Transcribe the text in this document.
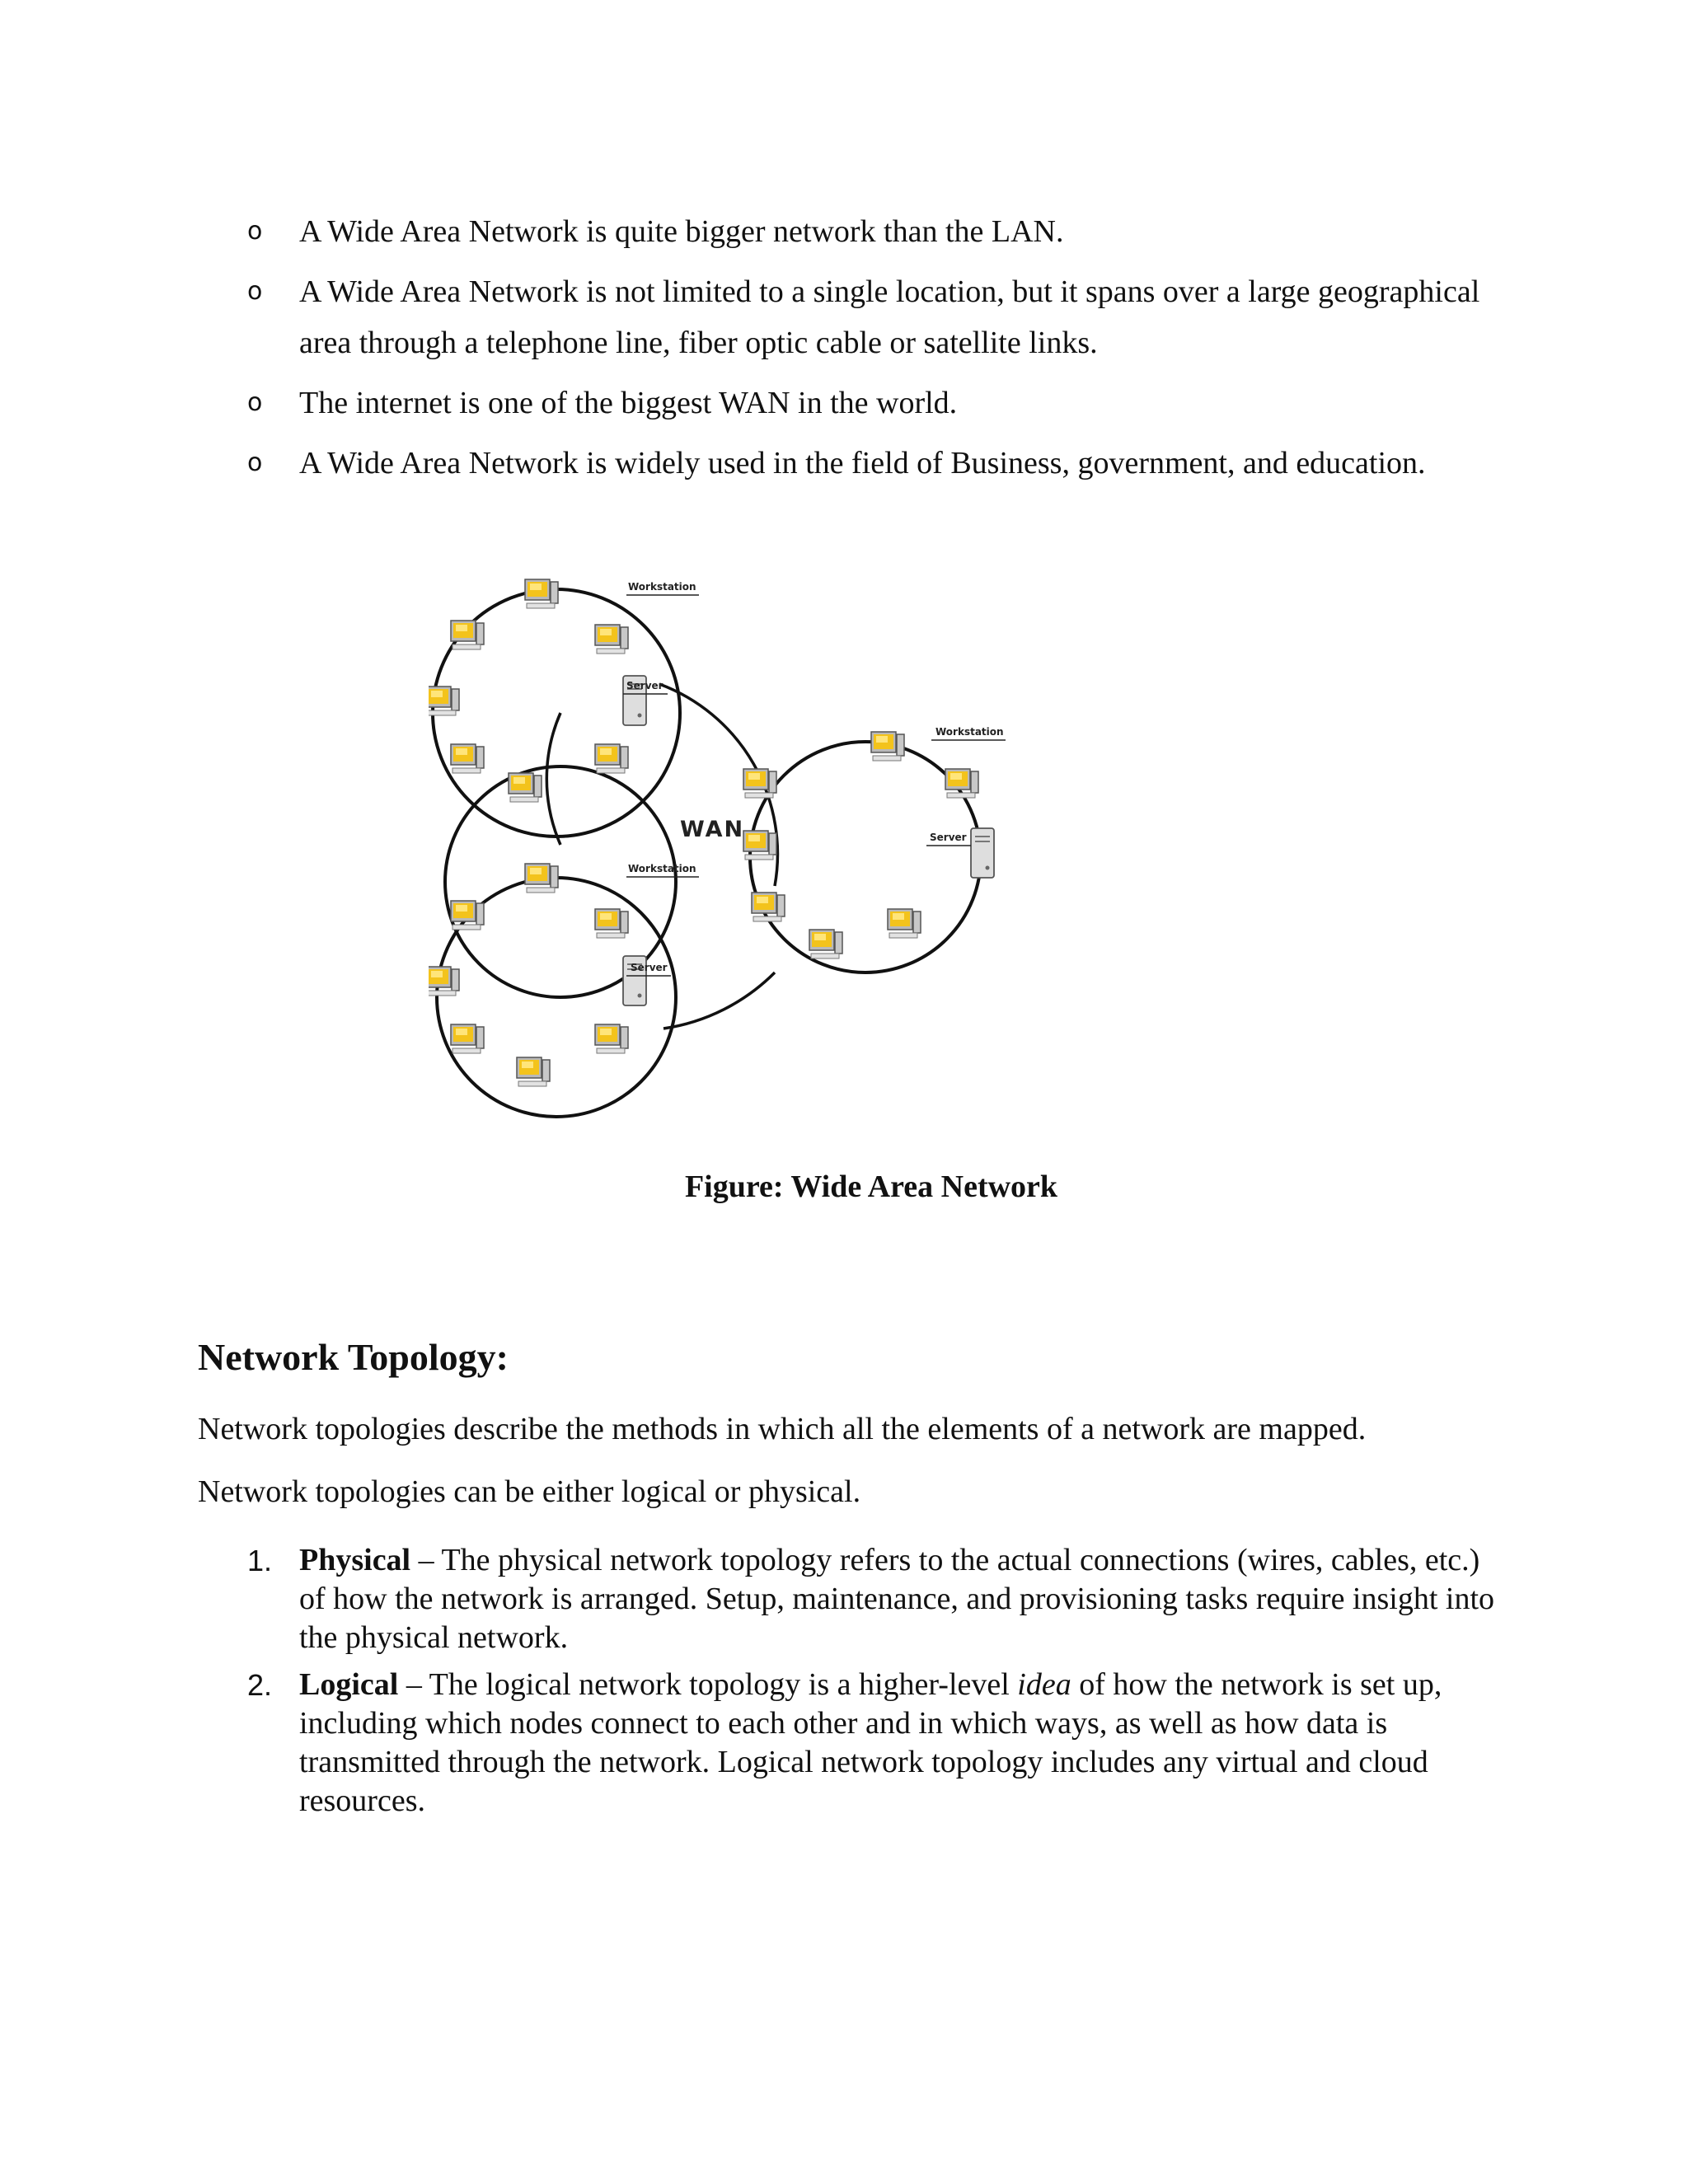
o A Wide Area Network is quite bigger network than the LAN.
o A Wide Area Network is not limited to a single location, but it spans over a large geographical area through a telephone line, fiber optic cable or satellite links.
o The internet is one of the biggest WAN in the world.
o A Wide Area Network is widely used in the field of Business, government, and education.
WAN
Workstation
Server
Workstation
Server
Workstation
Server
Figure: Wide Area Network
Network Topology:

Network topologies describe the methods in which all the elements of a network are mapped.

Network topologies can be either logical or physical.

1. Physical – The physical network topology refers to the actual connections (wires, cables, etc.) of how the network is arranged. Setup, maintenance, and provisioning tasks require insight into the physical network.
2. Logical – The logical network topology is a higher-level idea of how the network is set up, including which nodes connect to each other and in which ways, as well as how data is transmitted through the network. Logical network topology includes any virtual and cloud resources.
